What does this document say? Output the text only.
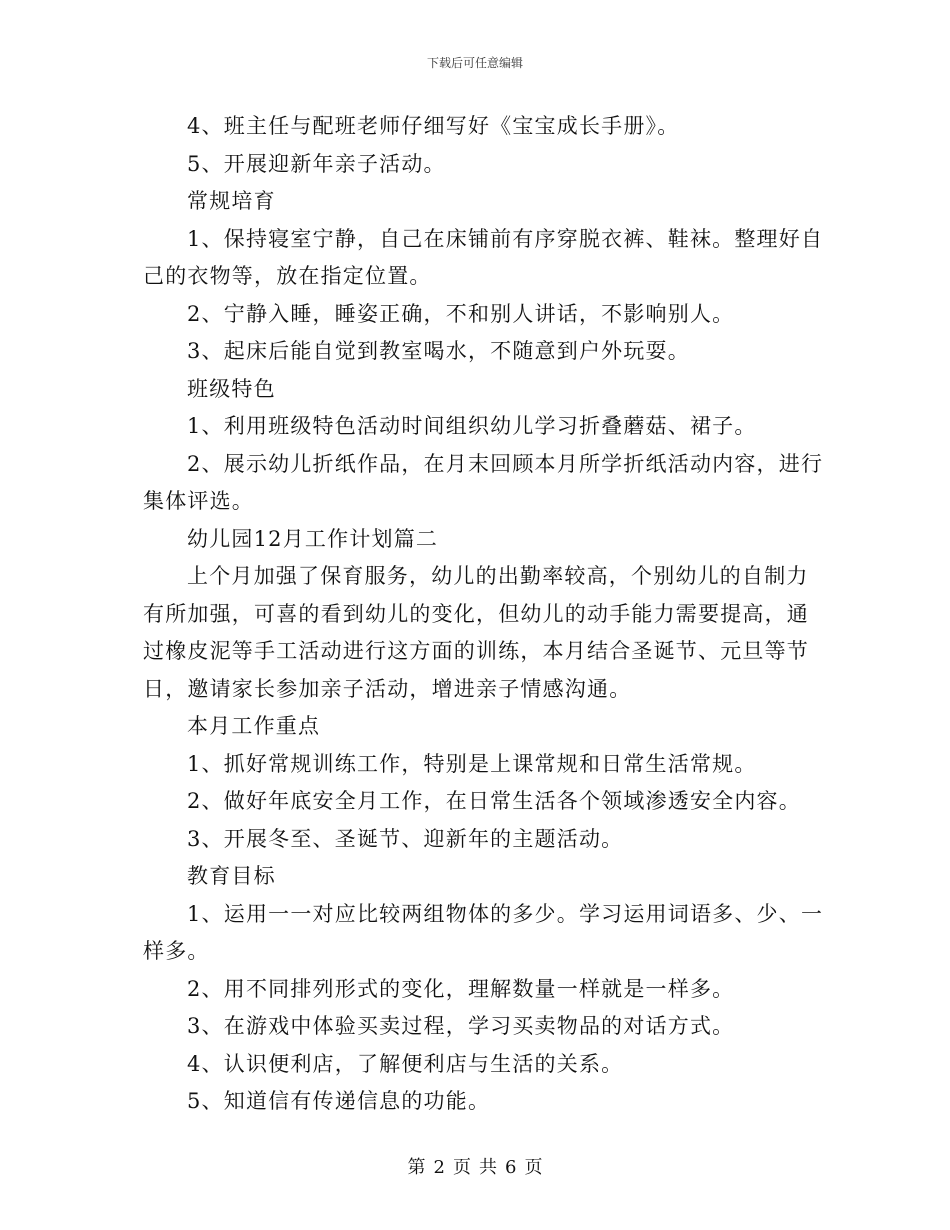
下载后可任意编辑
4、班主任与配班老师仔细写好《宝宝成长手册》。
5、开展迎新年亲子活动。
常规培育
1、保持寝室宁静，自己在床铺前有序穿脱衣裤、鞋袜。整理好自
己的衣物等，放在指定位置。
2、宁静入睡，睡姿正确，不和别人讲话，不影响别人。
3、起床后能自觉到教室喝水，不随意到户外玩耍。
班级特色
1、利用班级特色活动时间组织幼儿学习折叠蘑菇、裙子。
2、展示幼儿折纸作品，在月末回顾本月所学折纸活动内容，进行
集体评选。
幼儿园12月工作计划篇二
上个月加强了保育服务，幼儿的出勤率较高，个别幼儿的自制力
有所加强，可喜的看到幼儿的变化，但幼儿的动手能力需要提高，通
过橡皮泥等手工活动进行这方面的训练，本月结合圣诞节、元旦等节
日，邀请家长参加亲子活动，增进亲子情感沟通。
本月工作重点
1、抓好常规训练工作，特别是上课常规和日常生活常规。
2、做好年底安全月工作，在日常生活各个领域渗透安全内容。
3、开展冬至、圣诞节、迎新年的主题活动。
教育目标
1、运用一一对应比较两组物体的多少。学习运用词语多、少、一
样多。
2、用不同排列形式的变化，理解数量一样就是一样多。
3、在游戏中体验买卖过程，学习买卖物品的对话方式。
4、认识便利店，了解便利店与生活的关系。
5、知道信有传递信息的功能。
第 2 页 共 6 页
